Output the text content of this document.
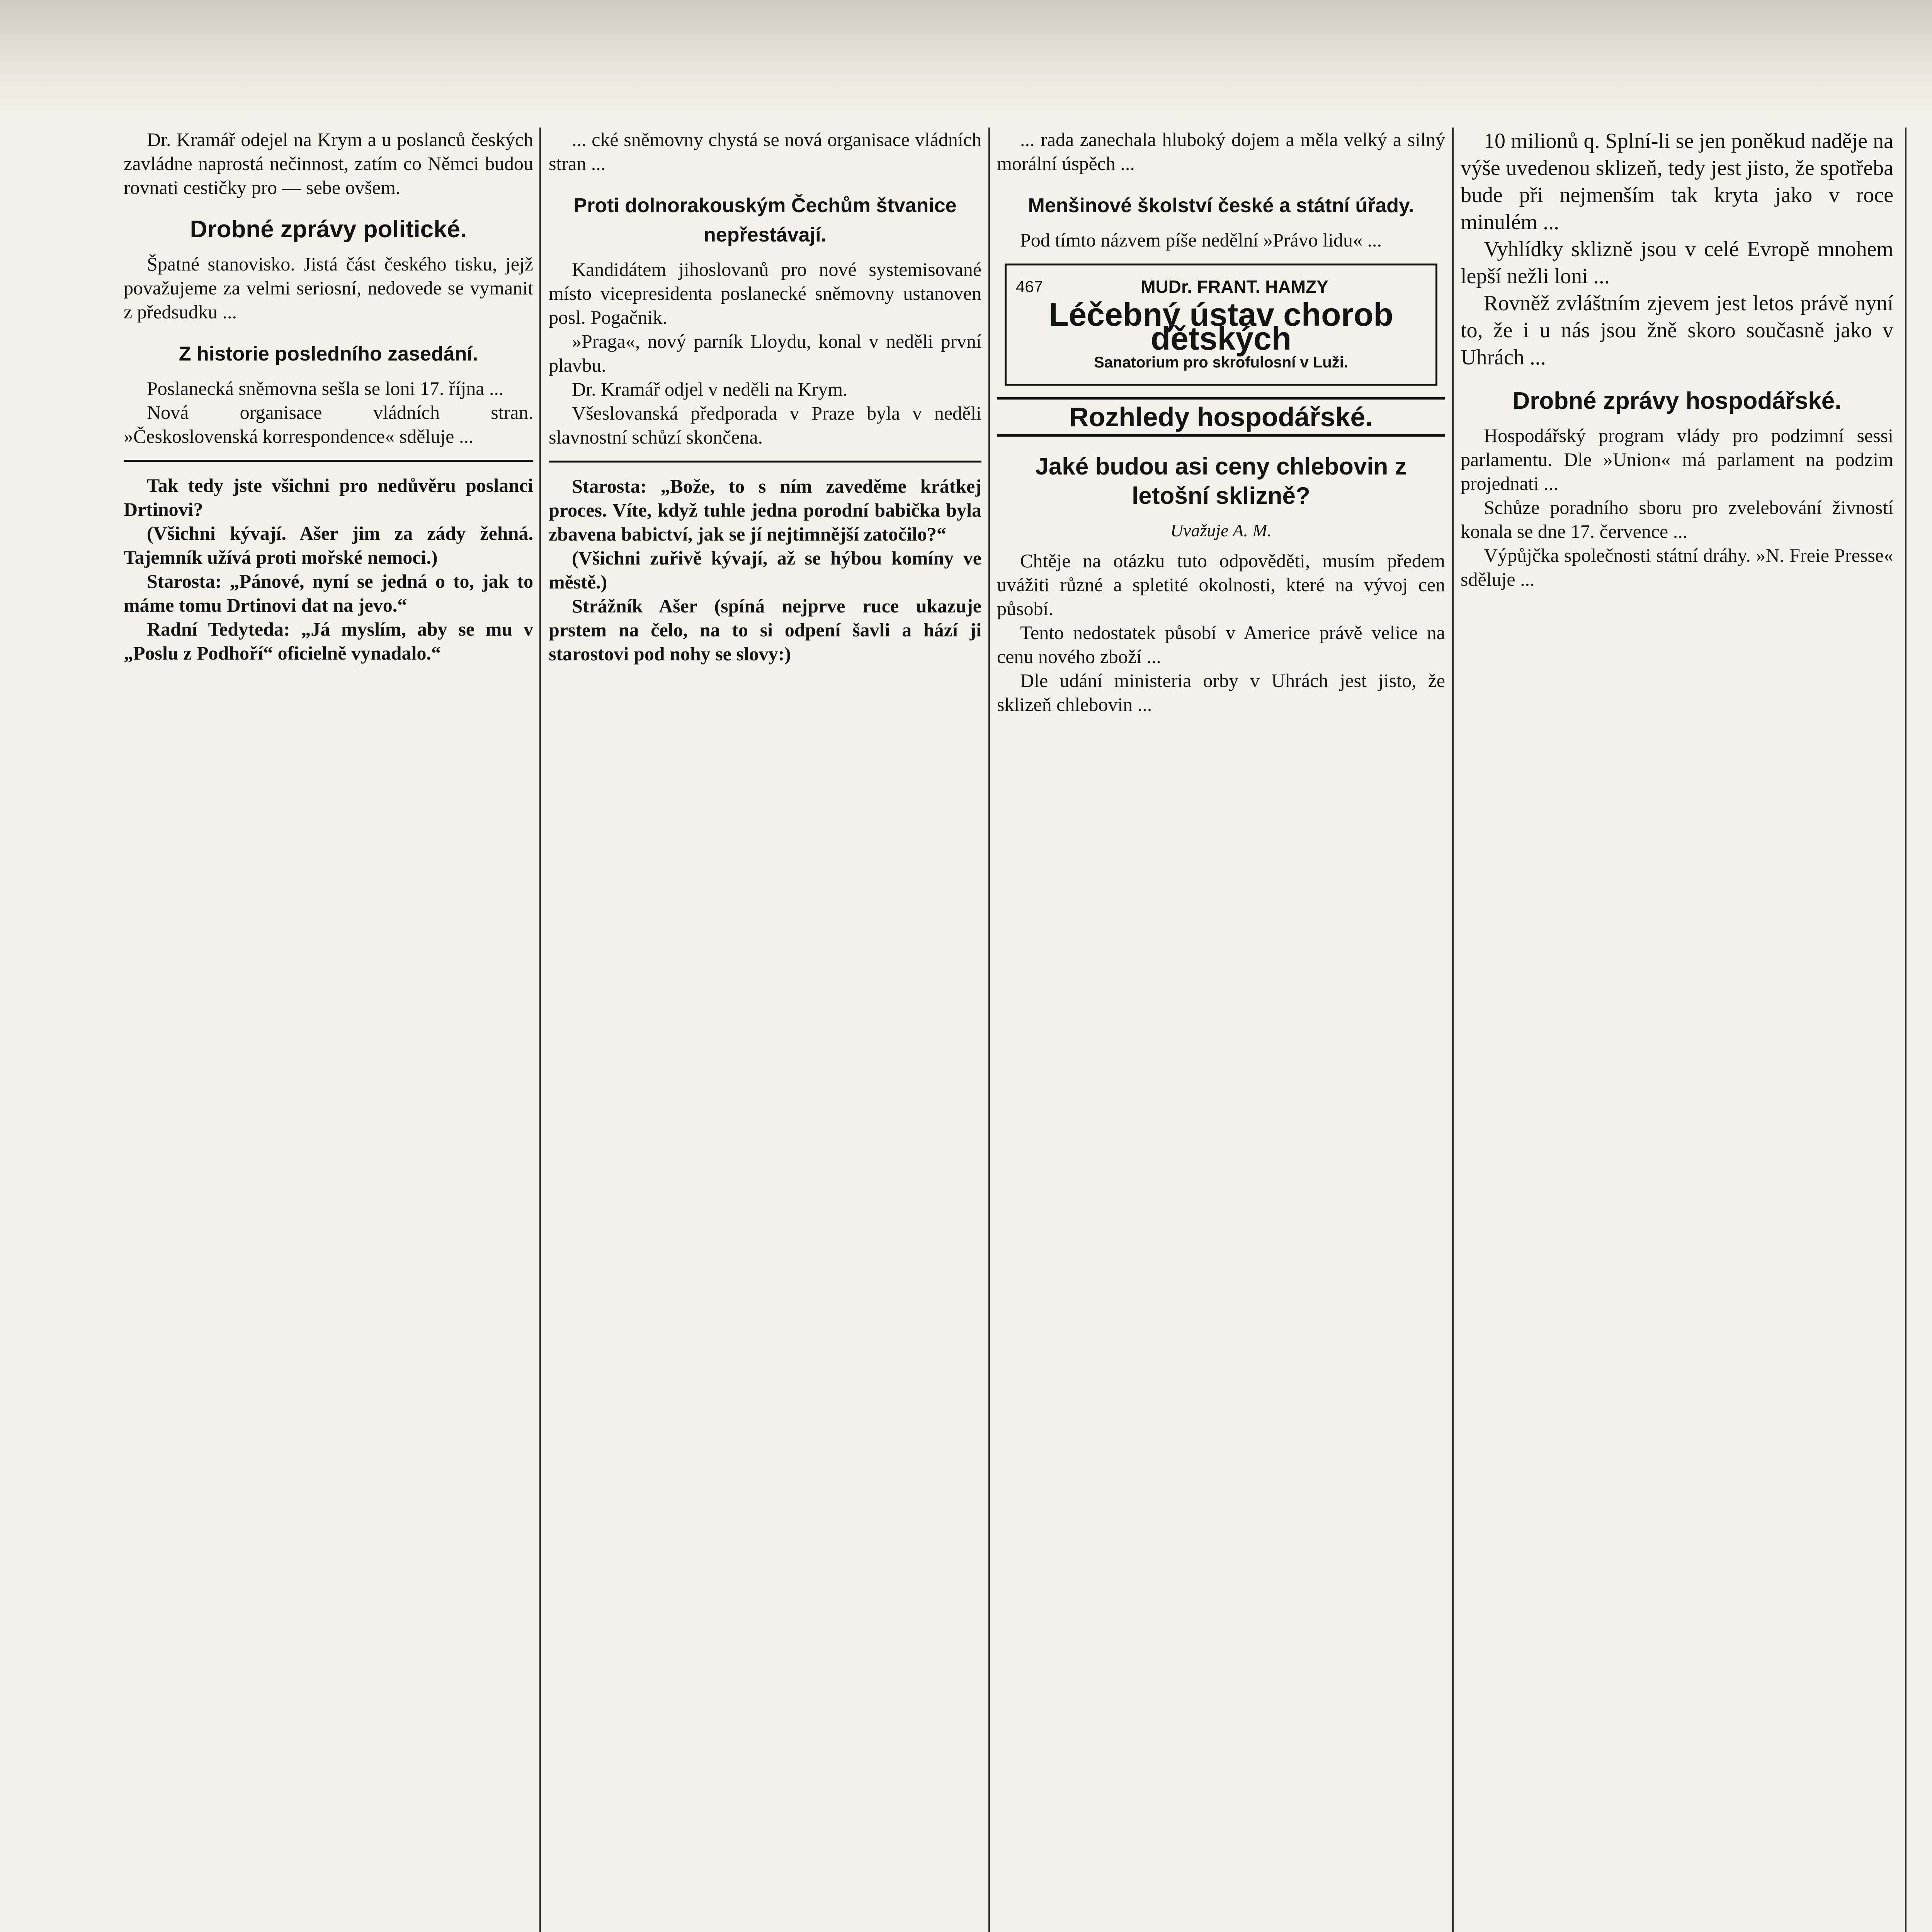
Dr. Kramář odejel na Krym a u poslanců českých zavládne naprostá nečinnost, zatím co Němci budou rovnati cestičky pro — sebe ovšem.

Drobné zprávy politické.

Špatné stanovisko. Jistá část českého tisku, jejž považujeme za velmi seriosní, nedovede se vymanit z předsudku ...

Z historie posledního zasedání.

Poslanecká sněmovna sešla se loni 17. října ...

Nová organisace vládních stran. »Československá korrespondence« sděluje ...

Tak tedy jste všichni pro nedůvěru poslanci Drtinovi?

(Všichni kývají. Ašer jim za zády žehná. Tajemník užívá proti mořské nemoci.)

Starosta: „Pánové, nyní se jedná o to, jak to máme tomu Drtinovi dat na jevo.“

Radní Tedyteda: „Já myslím, aby se mu v „Poslu z Podhoří“ oficielně vynadalo.“

... cké sněmovny chystá se nová organisace vládních stran ...

Proti dolnorakouským Čechům štvanice nepřestávají.

Kandidátem jihoslovanů pro nové systemisované místo vicepresidenta poslanecké sněmovny ustanoven posl. Pogačnik.

»Praga«, nový parník Lloydu, konal v neděli první plavbu.

Dr. Kramář odjel v neděli na Krym.

Všeslovanská předporada v Praze byla v neděli slavnostní schůzí skončena.

Starosta: „Bože, to s ním zaveděme krátkej proces. Víte, když tuhle jedna porodní babička byla zbavena babictví, jak se jí nejtimnější zatočilo?“

(Všichni zuřivě kývají, až se hýbou komíny ve městě.)

Strážník Ašer (spíná nejprve ruce ukazuje prstem na čelo, na to si odpení šavli a hází ji starostovi pod nohy se slovy:)

... rada zanechala hluboký dojem a měla velký a silný morální úspěch ...

Menšinové školství české a státní úřady.

Pod tímto názvem píše nedělní »Právo lidu« ...

467	MUDr. FRANT. HAMZY
Léčebný ústav chorob dětských
Sanatorium pro skrofulosní v Luži.
Rozhledy hospodářské.
Jaké budou asi ceny chlebovin z letošní sklizně?
Uvažuje A. M.

Chtěje na otázku tuto odpověděti, musím předem uvážiti různé a spletité okolnosti, které na vývoj cen působí.

Tento nedostatek působí v Americe právě velice na cenu nového zboží ...

Dle udání ministeria orby v Uhrách jest jisto, že sklizeň chlebovin ...

10 milionů q. Splní-li se jen poněkud naděje na výše uvedenou sklizeň, tedy jest jisto, že spotřeba bude při nejmenším tak kryta jako v roce minulém ...

Vyhlídky sklizně jsou v celé Evropě mnohem lepší nežli loni ...

Rovněž zvláštním zjevem jest letos právě nyní to, že i u nás jsou žně skoro současně jako v Uhrách ...

Drobné zprávy hospodářské.

Hospodářský program vlády pro podzimní sessi parlamentu. Dle »Union« má parlament na podzim projednati ...

Schůze poradního sboru pro zvelebování živností konala se dne 17. července ...

Výpůjčka společnosti státní dráhy. »N. Freie Presse« sděluje ...
